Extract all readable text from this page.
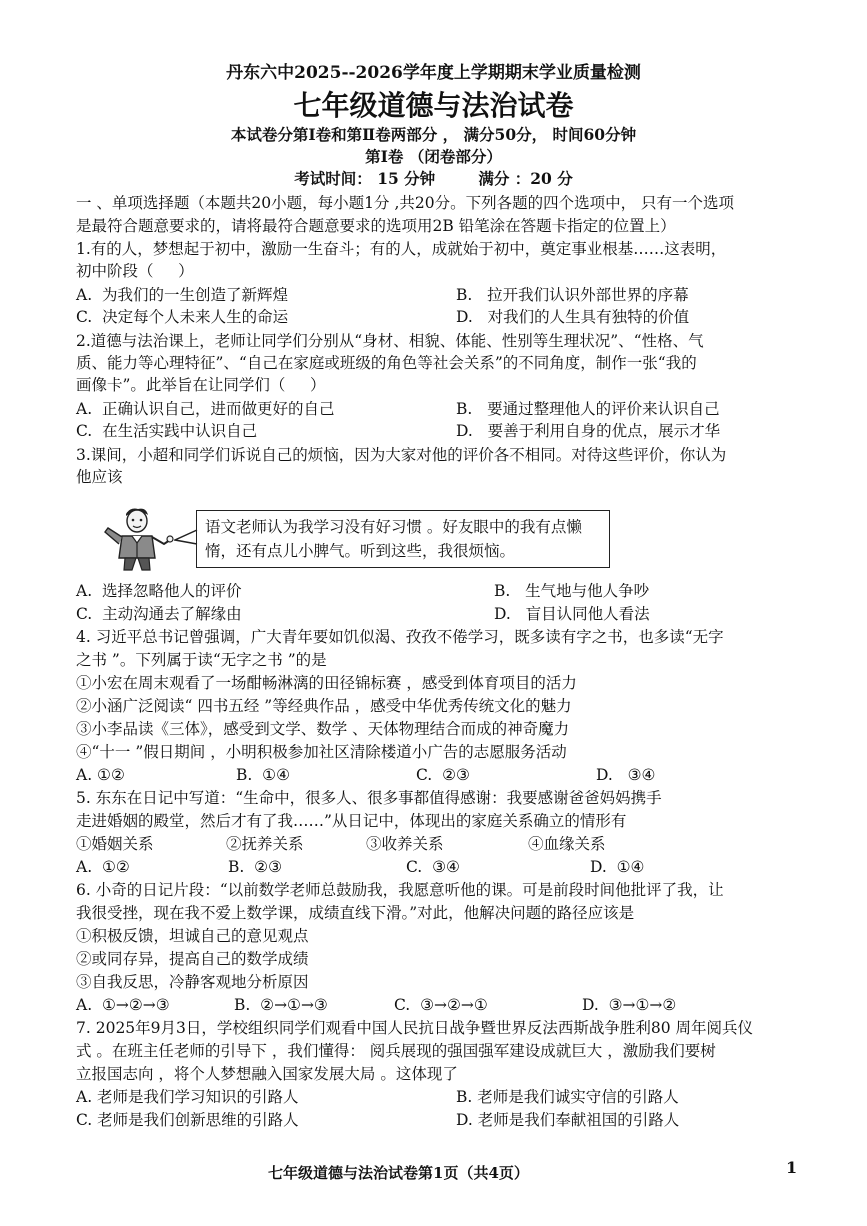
丹东六中2025--2026学年度上学期期末学业质量检测
七年级道德与法治试卷
本试卷分第Ⅰ卷和第Ⅱ卷两部分 ， 满分50分， 时间60分钟
第Ⅰ卷 （闭卷部分）
考试时间： 15 分钟        满分 ：20 分
一 、单项选择题（本题共20小题，每小题1分 ,共20分。下列各题的四个选项中， 只有一个选项
是最符合题意要求的，请将最符合题意要求的选项用2B 铅笔涂在答题卡指定的位置上）
1.有的人，梦想起于初中，激励一生奋斗；有的人，成就始于初中，奠定事业根基……这表明，
初中阶段（     ）
A.  为我们的一生创造了新辉煌	B.   拉开我们认识外部世界的序幕
C.  决定每个人未来人生的命运	D.   对我们的人生具有独特的价值
2.道德与法治课上，老师让同学们分别从“身材、相貌、体能、性别等生理状况”、“性格、气
质、能力等心理特征”、“自己在家庭或班级的角色等社会关系”的不同角度，制作一张“我的
画像卡”。此举旨在让同学们（     ）
A.  正确认识自己，进而做更好的自己	B.   要通过整理他人的评价来认识自己
C.  在生活实践中认识自己	D.   要善于利用自身的优点，展示才华
3.课间，小超和同学们诉说自己的烦恼，因为大家对他的评价各不相同。对待这些评价，你认为
他应该
语文老师认为我学习没有好习惯 。好友眼中的我有点懒惰，还有点儿小脾气。听到这些，我很烦恼。
A.  选择忽略他人的评价	B.   生气地与他人争吵
C.  主动沟通去了解缘由	D.   盲目认同他人看法
4. 习近平总书记曾强调，广大青年要如饥似渴、孜孜不倦学习，既多读有字之书，也多读“无字
之书 ”。下列属于读“无字之书 ”的是
①小宏在周末观看了一场酣畅淋漓的田径锦标赛 ，感受到体育项目的活力
②小涵广泛阅读“ 四书五经 ”等经典作品 ，感受中华优秀传统文化的魅力
③小李品读《三体》，感受到文学、数学 、天体物理结合而成的神奇魔力
④“十一 ”假日期间 ，小明积极参加社区清除楼道小广告的志愿服务活动
A. ①②	B.  ①④	C.  ②③	D.   ③④
5. 东东在日记中写道：“生命中，很多人、很多事都值得感谢：我要感谢爸爸妈妈携手
走进婚姻的殿堂，然后才有了我……”从日记中，体现出的家庭关系确立的情形有
①婚姻关系	②抚养关系	③收养关系	④血缘关系
A.  ①②	B.  ②③	C.  ③④	D.  ①④
6. 小奇的日记片段：“以前数学老师总鼓励我，我愿意听他的课。可是前段时间他批评了我，让
我很受挫，现在我不爱上数学课，成绩直线下滑。”对此，他解决问题的路径应该是
①积极反馈，坦诚自己的意见观点
②或同存异，提高自己的数学成绩
③自我反思，冷静客观地分析原因
A.  ①→②→③	B.  ②→①→③	C.  ③→②→①	D.  ③→①→②
7. 2025年9月3日，学校组织同学们观看中国人民抗日战争暨世界反法西斯战争胜利80 周年阅兵仪
式 。在班主任老师的引导下 ，我们懂得： 阅兵展现的强国强军建设成就巨大 ，激励我们要树
立报国志向 ，将个人梦想融入国家发展大局 。这体现了
A. 老师是我们学习知识的引路人	B. 老师是我们诚实守信的引路人
C. 老师是我们创新思维的引路人	D. 老师是我们奉献祖国的引路人
七年级道德与法治试卷第1页（共4页）	1
